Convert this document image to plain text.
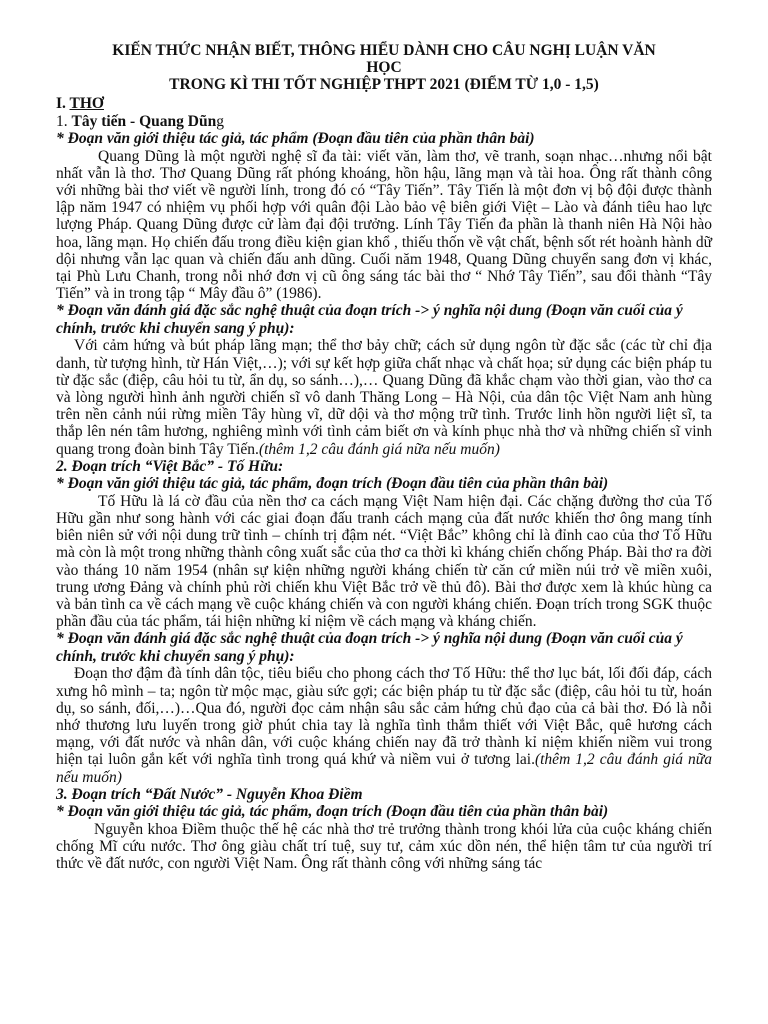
KIẾN THỨC NHẬN BIẾT, THÔNG HIỂU DÀNH CHO CÂU NGHỊ LUẬN VĂN HỌC

TRONG KÌ THI TỐT NGHIỆP THPT 2021 (ĐIỂM TỪ 1,0 - 1,5)

I. THƠ
1. Tây tiến - Quang Dũng
* Đoạn văn giới thiệu tác giả, tác phẩm (Đoạn đầu tiên của phần thân bài)

Quang Dũng là một người nghệ sĩ đa tài: viết văn, làm thơ, vẽ tranh, soạn nhạc…nhưng nổi bật nhất vẫn là thơ. Thơ Quang Dũng rất phóng khoáng, hồn hậu, lãng mạn và tài hoa. Ông rất thành công với những bài thơ viết về người lính, trong đó có “Tây Tiến”. Tây Tiến là một đơn vị bộ đội được thành lập năm 1947 có nhiệm vụ phối hợp với quân đội Lào bảo vệ biên giới Việt – Lào và đánh tiêu hao lực lượng Pháp. Quang Dũng được cử làm đại đội trưởng. Lính Tây Tiến đa phần là thanh niên Hà Nội hào hoa, lãng mạn. Họ chiến đấu trong điều kiện gian khổ , thiếu thốn về vật chất, bệnh sốt rét hoành hành dữ dội nhưng vẫn lạc quan và chiến đấu anh dũng. Cuối năm 1948, Quang Dũng chuyển sang đơn vị khác, tại Phù Lưu Chanh, trong nỗi nhớ đơn vị cũ ông sáng tác bài thơ “ Nhớ Tây Tiến”, sau đổi thành “Tây Tiến” và in trong tập “ Mây đầu ô” (1986).

* Đoạn văn đánh giá đặc sắc nghệ thuật của đoạn trích -> ý nghĩa nội dung (Đoạn văn cuối của ý chính, trước khi chuyển sang ý phụ):

Với cảm hứng và bút pháp lãng mạn; thể thơ bảy chữ; cách sử dụng ngôn từ đặc sắc (các từ chỉ địa danh, từ tượng hình, từ Hán Việt,…); với sự kết hợp giữa chất nhạc và chất họa; sử dụng các biện pháp tu từ đặc sắc (điệp, câu hỏi tu từ, ẩn dụ, so sánh…),… Quang Dũng đã khắc chạm vào thời gian, vào thơ ca và lòng người hình ảnh người chiến sĩ vô danh Thăng Long – Hà Nội, của dân tộc Việt Nam anh hùng trên nền cảnh núi rừng miền Tây hùng vĩ, dữ dội và thơ mộng trữ tình. Trước linh hồn người liệt sĩ, ta thắp lên nén tâm hương, nghiêng mình với tình cảm biết ơn và kính phục nhà thơ và những chiến sĩ vinh quang trong đoàn binh Tây Tiến.(thêm 1,2 câu đánh giá nữa nếu muốn)

2. Đoạn trích “Việt Bắc” - Tố Hữu:
* Đoạn văn giới thiệu tác giả, tác phẩm, đoạn trích (Đoạn đầu tiên của phần thân bài)

Tố Hữu là lá cờ đầu của nền thơ ca cách mạng Việt Nam hiện đại. Các chặng đường thơ của Tố Hữu gần như song hành với các giai đoạn đấu tranh cách mạng của đất nước khiến thơ ông mang tính biên niên sử với nội dung trữ tình – chính trị đậm nét. “Việt Bắc” không chỉ là đỉnh cao của thơ Tố Hữu mà còn là một trong những thành công xuất sắc của thơ ca thời kì kháng chiến chống Pháp. Bài thơ ra đời vào tháng 10 năm 1954 (nhân sự kiện những người kháng chiến từ căn cứ miền núi trở về miền xuôi, trung ương Đảng và chính phủ rời chiến khu Việt Bắc trở về thủ đô). Bài thơ được xem là khúc hùng ca và bản tình ca về cách mạng về cuộc kháng chiến và con người kháng chiến. Đoạn trích trong SGK thuộc phần đầu của tác phẩm, tái hiện những kỉ niệm về cách mạng và kháng chiến.

* Đoạn văn đánh giá đặc sắc nghệ thuật của đoạn trích -> ý nghĩa nội dung (Đoạn văn cuối của ý chính, trước khi chuyển sang ý phụ):

Đoạn thơ đậm đà tính dân tộc, tiêu biểu cho phong cách thơ Tố Hữu: thể thơ lục bát, lối đối đáp, cách xưng hô mình – ta; ngôn từ mộc mạc, giàu sức gợi; các biện pháp tu từ đặc sắc (điệp, câu hỏi tu từ, hoán dụ, so sánh, đối,…)…Qua đó, người đọc cảm nhận sâu sắc cảm hứng chủ đạo của cả bài thơ. Đó là nỗi nhớ thương lưu luyến trong giờ phút chia tay là nghĩa tình thắm thiết với Việt Bắc, quê hương cách mạng, với đất nước và nhân dân, với cuộc kháng chiến nay đã trở thành kỉ niệm khiến niềm vui trong hiện tại luôn gắn kết với nghĩa tình trong quá khứ và niềm vui ở tương lai.(thêm 1,2 câu đánh giá nữa nếu muốn)

3. Đoạn trích “Đất Nước” - Nguyễn Khoa Điềm
* Đoạn văn giới thiệu tác giả, tác phẩm, đoạn trích (Đoạn đầu tiên của phần thân bài)

Nguyễn khoa Điềm thuộc thế hệ các nhà thơ trẻ trưởng thành trong khói lửa của cuộc kháng chiến chống Mĩ cứu nước. Thơ ông giàu chất trí tuệ, suy tư, cảm xúc dồn nén, thể hiện tâm tư của người trí thức về đất nước, con người Việt Nam. Ông rất thành công với những sáng tác
